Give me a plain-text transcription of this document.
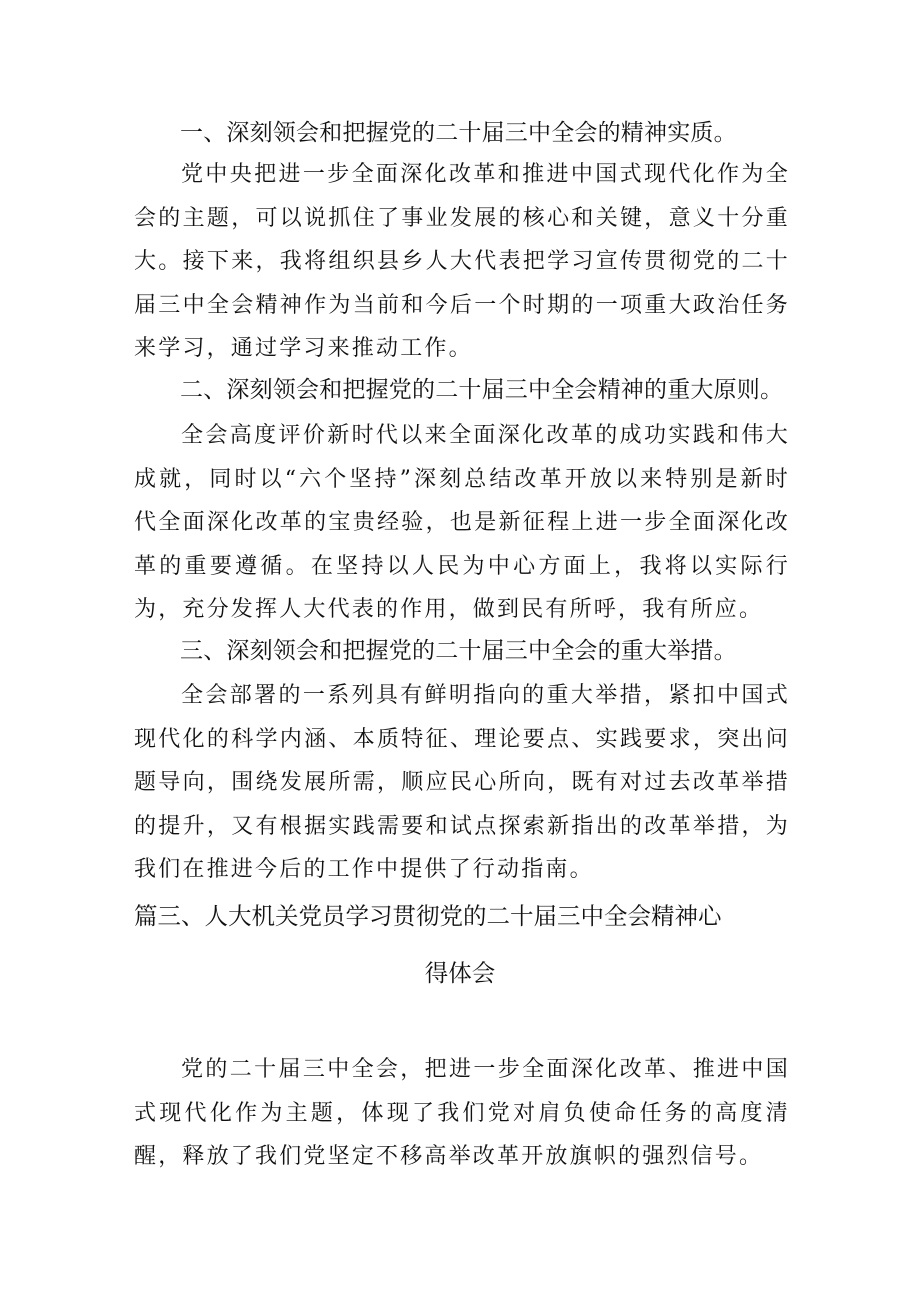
一、深刻领会和把握党的二十届三中全会的精神实质。

党中央把进一步全面深化改革和推进中国式现代化作为全会的主题，可以说抓住了事业发展的核心和关键，意义十分重大。接下来，我将组织县乡人大代表把学习宣传贯彻党的二十届三中全会精神作为当前和今后一个时期的一项重大政治任务来学习，通过学习来推动工作。

二、深刻领会和把握党的二十届三中全会精神的重大原则。

全会高度评价新时代以来全面深化改革的成功实践和伟大成就，同时以“六个坚持”深刻总结改革开放以来特别是新时代全面深化改革的宝贵经验，也是新征程上进一步全面深化改革的重要遵循。在坚持以人民为中心方面上，我将以实际行为，充分发挥人大代表的作用，做到民有所呼，我有所应。

三、深刻领会和把握党的二十届三中全会的重大举措。

全会部署的一系列具有鲜明指向的重大举措，紧扣中国式现代化的科学内涵、本质特征、理论要点、实践要求，突出问题导向，围绕发展所需，顺应民心所向，既有对过去改革举措的提升，又有根据实践需要和试点探索新指出的改革举措，为我们在推进今后的工作中提供了行动指南。

篇三、人大机关党员学习贯彻党的二十届三中全会精神心
得体会

党的二十届三中全会，把进一步全面深化改革、推进中国式现代化作为主题，体现了我们党对肩负使命任务的高度清醒，释放了我们党坚定不移高举改革开放旗帜的强烈信号。
